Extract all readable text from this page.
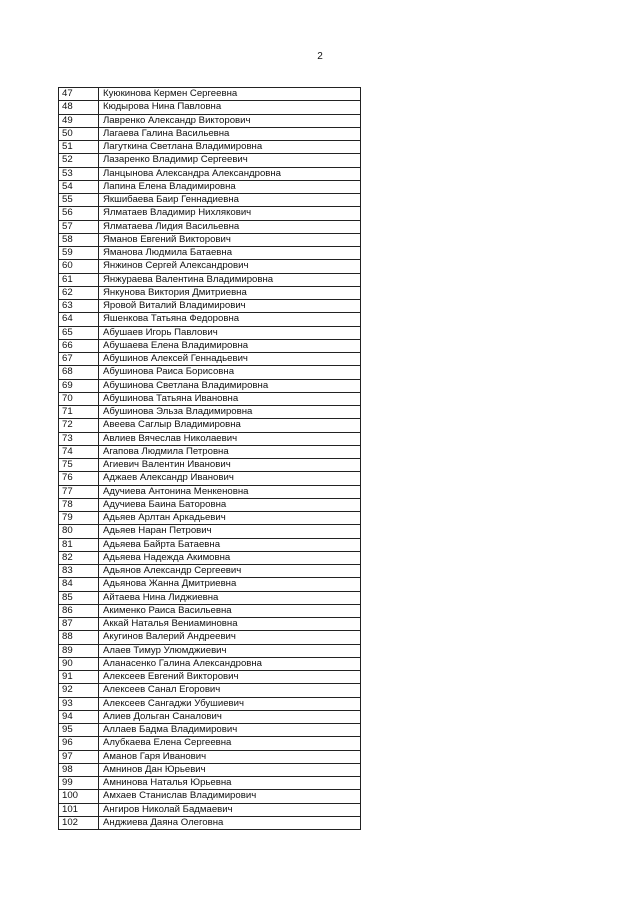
2
47	Куюкинова Кермен Сергеевна
48	Кюдырова Нина Павловна
49	Лавренко Александр Викторович
50	Лагаева Галина Васильевна
51	Лагуткина Светлана Владимировна
52	Лазаренко Владимир Сергеевич
53	Ланцынова Александра Александровна
54	Лапина Елена Владимировна
55	Якшибаева Баир Геннадиевна
56	Ялматаев Владимир Нихлякович
57	Ялматаева Лидия Васильевна
58	Яманов Евгений Викторович
59	Яманова Людмила Батаевна
60	Янжинов Сергей Александрович
61	Янжураева Валентина Владимировна
62	Янкунова Виктория Дмитриевна
63	Яровой Виталий Владимирович
64	Яшенкова Татьяна Федоровна
65	Абушаев Игорь Павлович
66	Абушаева Елена Владимировна
67	Абушинов Алексей Геннадьевич
68	Абушинова Раиса Борисовна
69	Абушинова Светлана Владимировна
70	Абушинова Татьяна Ивановна
71	Абушинова Эльза Владимировна
72	Авеева Саглыр Владимировна
73	Авлиев Вячеслав Николаевич
74	Агапова Людмила Петровна
75	Агиевич Валентин Иванович
76	Аджаев Александр Иванович
77	Адучиева Антонина Менкеновна
78	Адучиева Баина Баторовна
79	Адьяев Арлтан Аркадьевич
80	Адьяев Наран Петрович
81	Адьяева Байрта Батаевна
82	Адьяева Надежда Акимовна
83	Адьянов Александр Сергеевич
84	Адьянова Жанна Дмитриевна
85	Айтаева Нина Лиджиевна
86	Акименко Раиса Васильевна
87	Аккай Наталья Вениаминовна
88	Акугинов Валерий Андреевич
89	Алаев Тимур Улюмджиевич
90	Аланасенко Галина Александровна
91	Алексеев Евгений Викторович
92	Алексеев Санал Егорович
93	Алексеев Сангаджи Убушиевич
94	Алиев Дольган Саналович
95	Аллаев Бадма Владимирович
96	Алубкаева Елена Сергеевна
97	Аманов Гаря Иванович
98	Амнинов Дан Юрьевич
99	Амнинова Наталья Юрьевна
100	Амхаев Станислав Владимирович
101	Ангиров Николай Бадмаевич
102	Анджиева Даяна Олеговна
